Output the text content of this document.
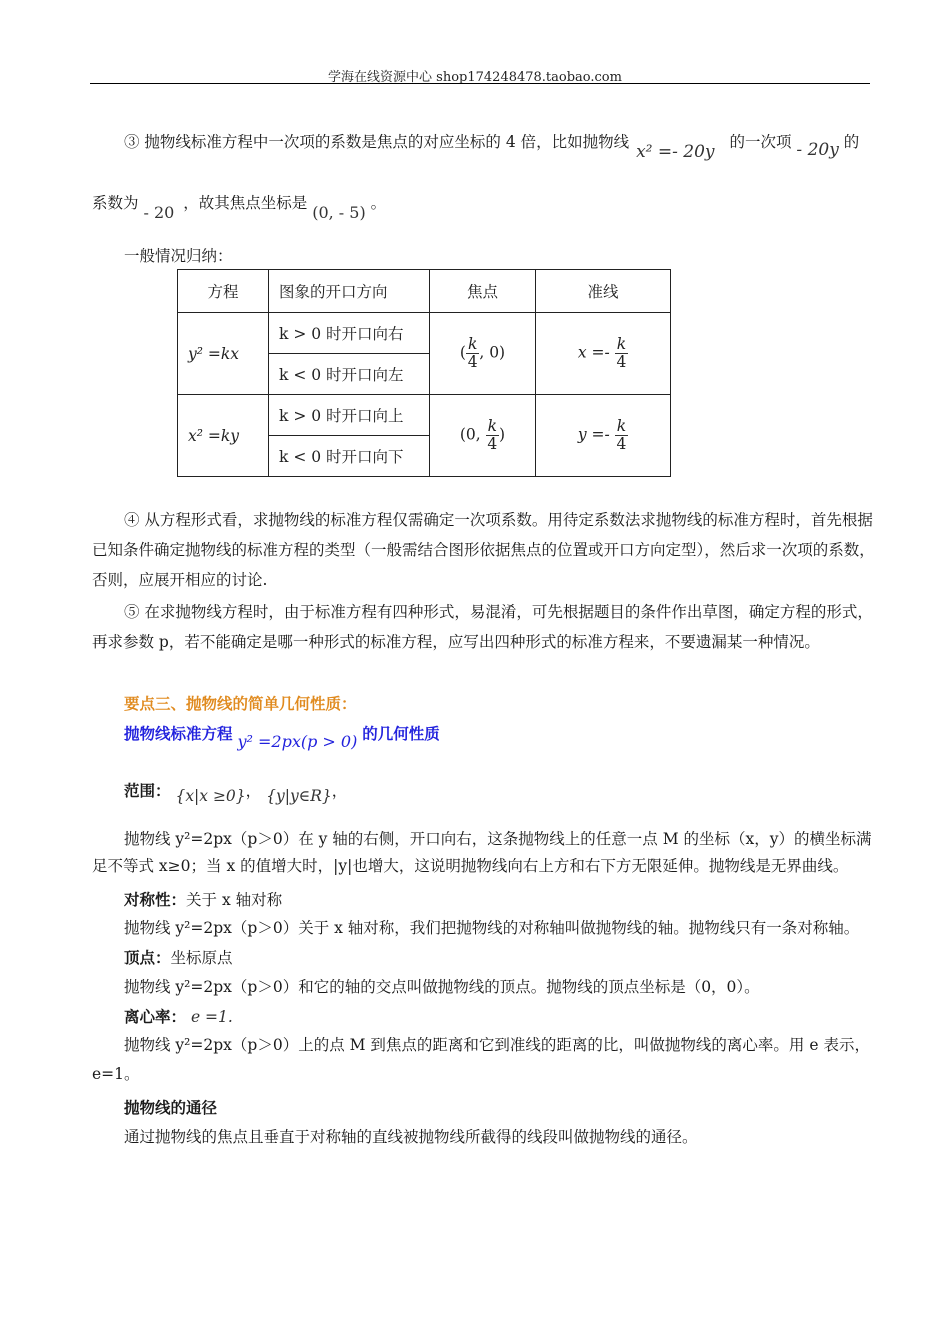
学海在线资源中心 shop174248478.taobao.com
③ 抛物线标准方程中一次项的系数是焦点的对应坐标的 4 倍，比如抛物线 x² =- 20y 的一次项 - 20y 的
系数为 - 20 ，故其焦点坐标是 (0, - 5) 。
一般情况归纳：
方程	图象的开口方向	焦点	准线
y² =kx	k > 0 时开口向右	( $\frac{k}{4}$ , 0)	$x =- \frac{k}{4}$

	k < 0 时开口向左		
x² =ky	k > 0 时开口向上	(0, $\frac{k}{4}$ )	$y =- \frac{k}{4}$

	k < 0 时开口向下		
④ 从方程形式看，求抛物线的标准方程仅需确定一次项系数。用待定系数法求抛物线的标准方程时，首先根据已知条件确定抛物线的标准方程的类型（一般需结合图形依据焦点的位置或开口方向定型），然后求一次项的系数，否则，应展开相应的讨论.
⑤ 在求抛物线方程时，由于标准方程有四种形式，易混淆，可先根据题目的条件作出草图，确定方程的形式，再求参数 p，若不能确定是哪一种形式的标准方程，应写出四种形式的标准方程来，不要遗漏某一种情况。
要点三、抛物线的简单几何性质：
抛物线标准方程 y² =2px(p > 0) 的几何性质
范围： {x|x ≥0}， {y|y∈R}，
抛物线 y²=2px（p＞0）在 y 轴的右侧，开口向右，这条抛物线上的任意一点 M 的坐标（x，y）的横坐标满足不等式 x≥0；当 x 的值增大时，|y|也增大，这说明抛物线向右上方和右下方无限延伸。抛物线是无界曲线。
对称性：关于 x 轴对称
抛物线 y²=2px（p＞0）关于 x 轴对称，我们把抛物线的对称轴叫做抛物线的轴。抛物线只有一条对称轴。
顶点：坐标原点
抛物线 y²=2px（p＞0）和它的轴的交点叫做抛物线的顶点。抛物线的顶点坐标是（0，0）。
离心率： e =1.
抛物线 y²=2px（p＞0）上的点 M 到焦点的距离和它到准线的距离的比，叫做抛物线的离心率。用 e 表示，e=1。
抛物线的通径
通过抛物线的焦点且垂直于对称轴的直线被抛物线所截得的线段叫做抛物线的通径。
